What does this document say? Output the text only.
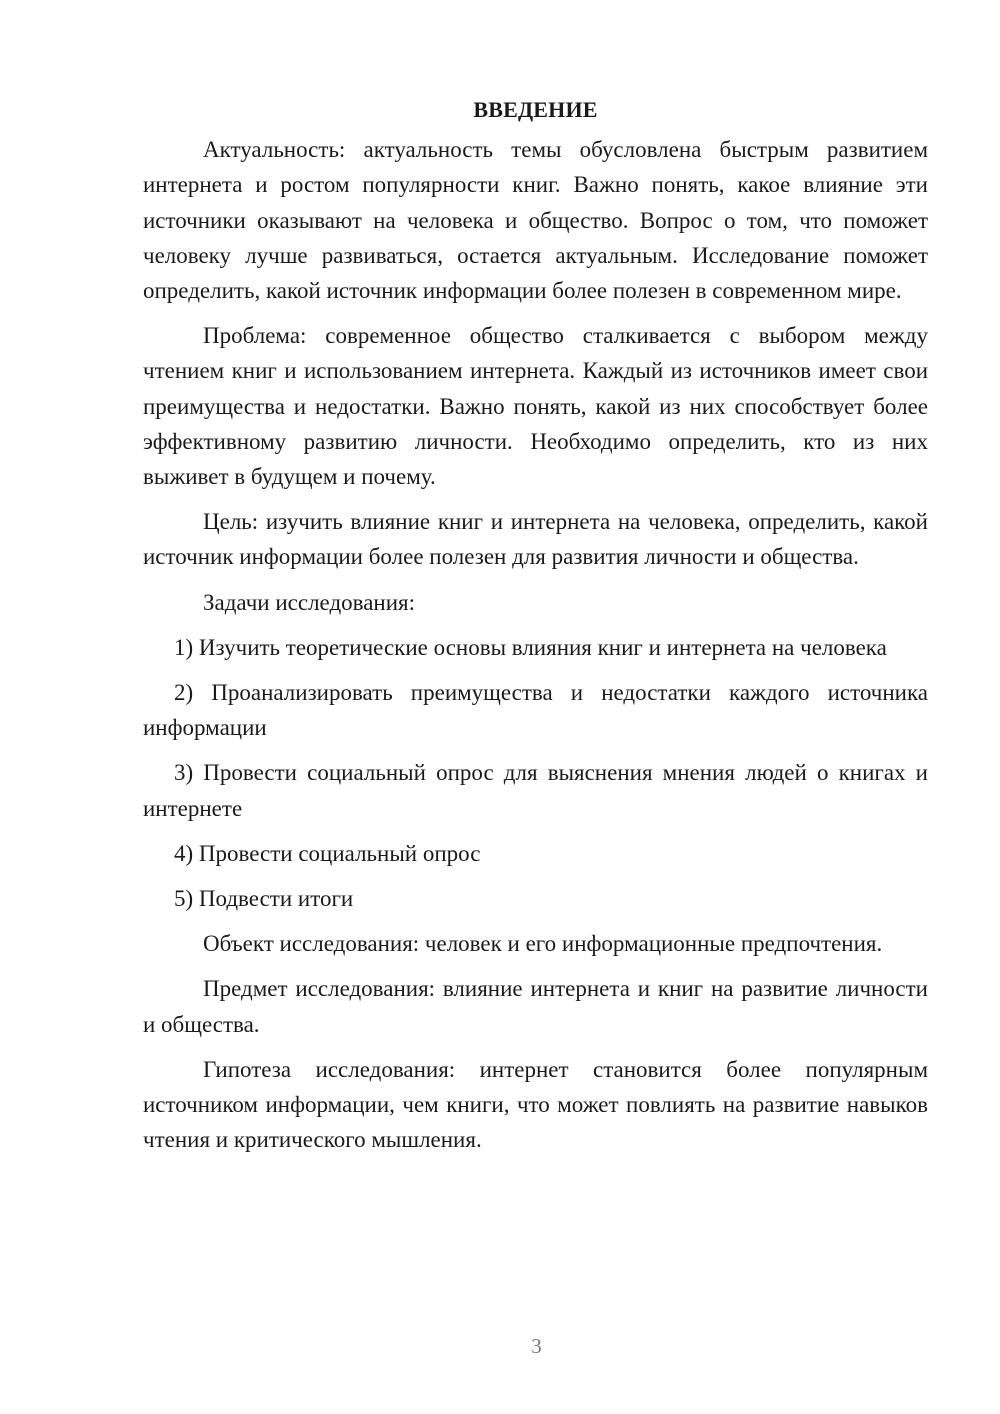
ВВЕДЕНИЕ

Актуальность: актуальность темы обусловлена быстрым развитием интернета и ростом популярности книг. Важно понять, какое влияние эти источники оказывают на человека и общество. Вопрос о том, что поможет человеку лучше развиваться, остается актуальным. Исследование поможет определить, какой источник информации более полезен в современном мире.

Проблема: современное общество сталкивается с выбором между чтением книг и использованием интернета. Каждый из источников имеет свои преимущества и недостатки. Важно понять, какой из них способствует более эффективному развитию личности. Необходимо определить, кто из них выживет в будущем и почему.

Цель: изучить влияние книг и интернета на человека, определить, какой источник информации более полезен для развития личности и общества.

Задачи исследования:

1) Изучить теоретические основы влияния книг и интернета на человека

2) Проанализировать преимущества и недостатки каждого источника информации

3) Провести социальный опрос для выяснения мнения людей о книгах и интернете

4) Провести социальный опрос

5) Подвести итоги

Объект исследования: человек и его информационные предпочтения.

Предмет исследования: влияние интернета и книг на развитие личности и общества.

Гипотеза исследования: интернет становится более популярным источником информации, чем книги, что может повлиять на развитие навыков чтения и критического мышления.

3
